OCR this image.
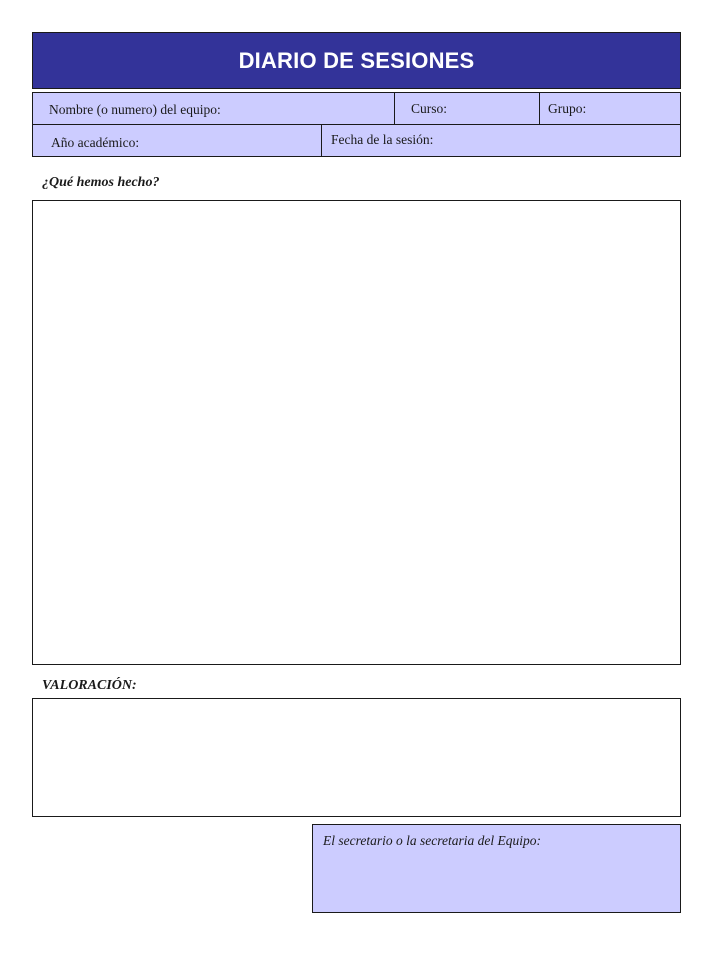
DIARIO DE SESIONES
Nombre (o numero) del equipo:	Curso:	Grupo:
Año académico:	Fecha de la sesión:
¿Qué hemos hecho?
VALORACIÓN:
El secretario o la secretaria del Equipo:
